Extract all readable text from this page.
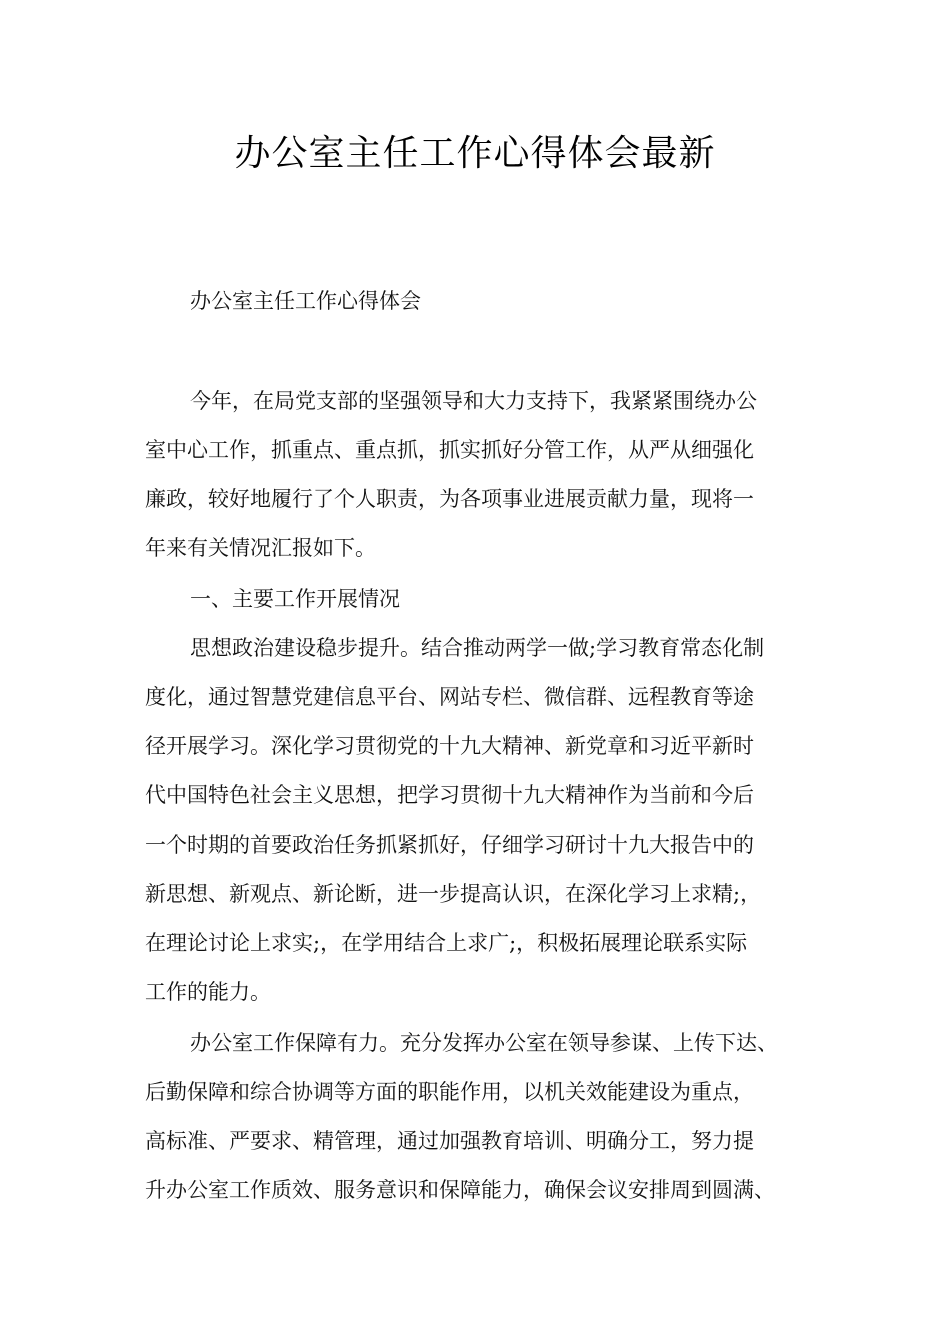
办公室主任工作心得体会最新

办公室主任工作心得体会

今年，在局党支部的坚强领导和大力支持下，我紧紧围绕办公

室中心工作，抓重点、重点抓，抓实抓好分管工作，从严从细强化

廉政，较好地履行了个人职责，为各项事业进展贡献力量，现将一

年来有关情况汇报如下。

一、主要工作开展情况

思想政治建设稳步提升。结合推动两学一做;学习教育常态化制

度化，通过智慧党建信息平台、网站专栏、微信群、远程教育等途

径开展学习。深化学习贯彻党的十九大精神、新党章和习近平新时

代中国特色社会主义思想，把学习贯彻十九大精神作为当前和今后

一个时期的首要政治任务抓紧抓好，仔细学习研讨十九大报告中的

新思想、新观点、新论断，进一步提高认识，在深化学习上求精;，

在理论讨论上求实;，在学用结合上求广;，积极拓展理论联系实际

工作的能力。

办公室工作保障有力。充分发挥办公室在领导参谋、上传下达、

后勤保障和综合协调等方面的职能作用，以机关效能建设为重点，

高标准、严要求、精管理，通过加强教育培训、明确分工，努力提

升办公室工作质效、服务意识和保障能力，确保会议安排周到圆满、
